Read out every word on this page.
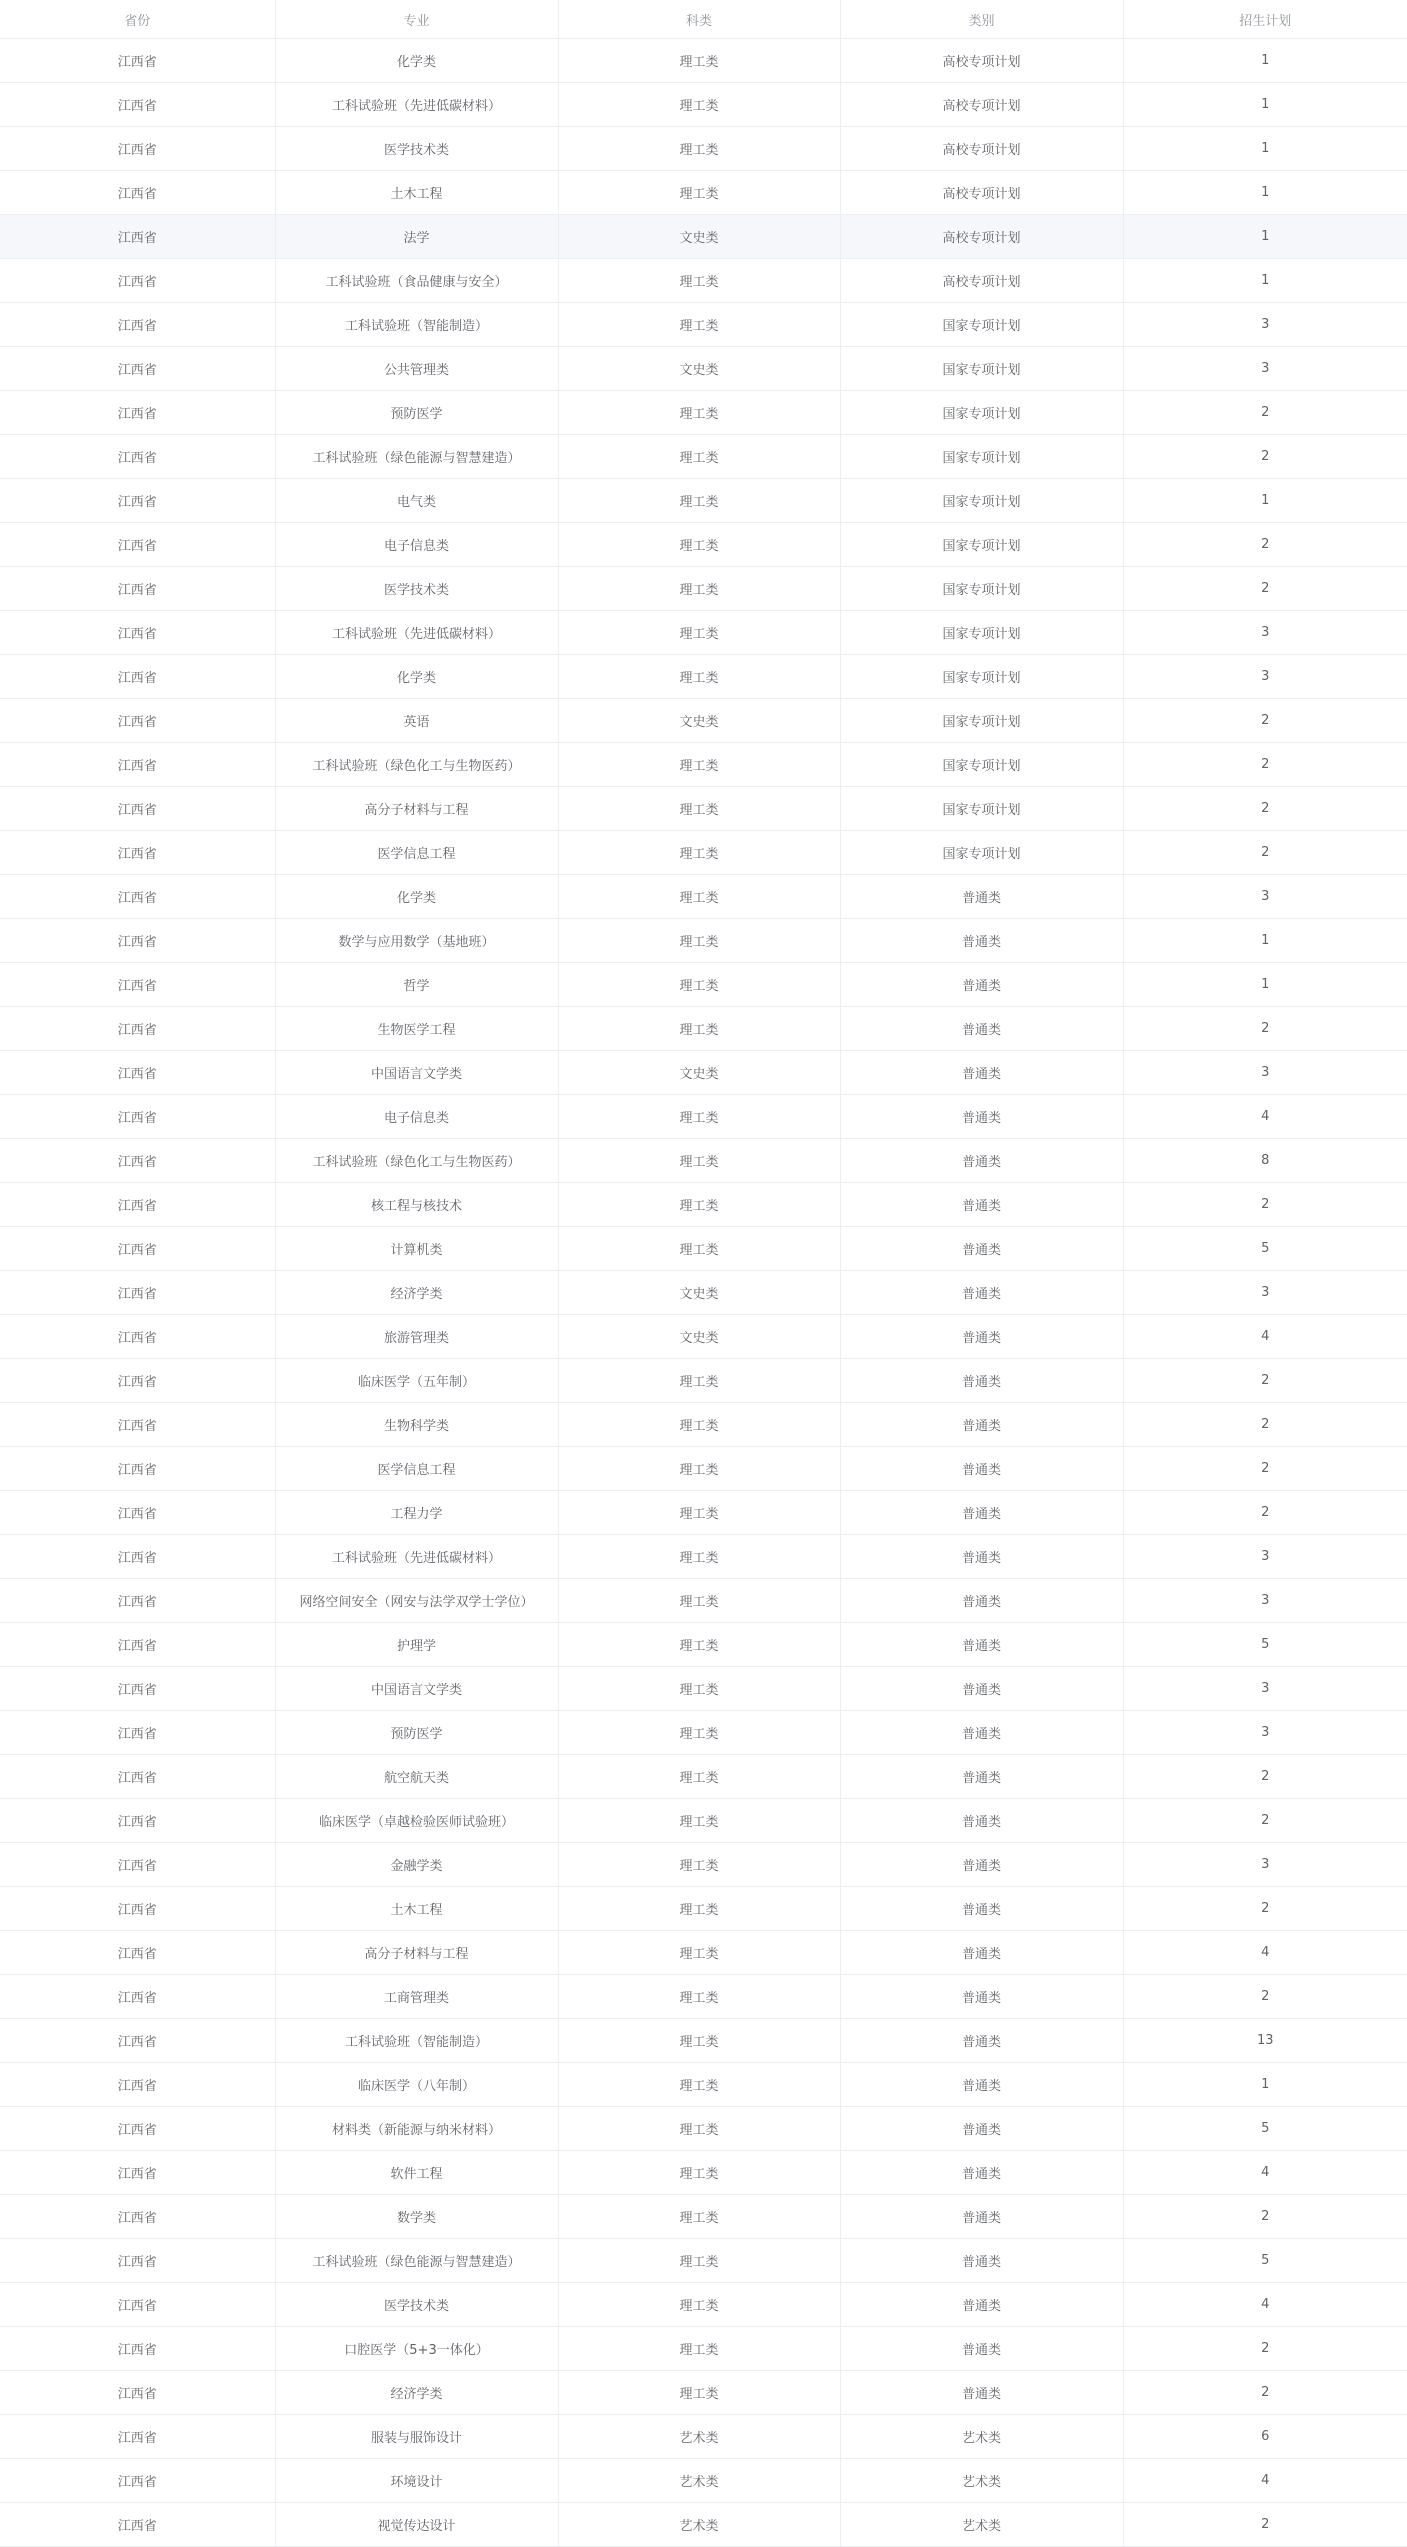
省份	专业	科类	类别	招生计划
江西省	化学类	理工类	高校专项计划	1
江西省	工科试验班（先进低碳材料）	理工类	高校专项计划	1
江西省	医学技术类	理工类	高校专项计划	1
江西省	土木工程	理工类	高校专项计划	1
江西省	法学	文史类	高校专项计划	1
江西省	工科试验班（食品健康与安全）	理工类	高校专项计划	1
江西省	工科试验班（智能制造）	理工类	国家专项计划	3
江西省	公共管理类	文史类	国家专项计划	3
江西省	预防医学	理工类	国家专项计划	2
江西省	工科试验班（绿色能源与智慧建造）	理工类	国家专项计划	2
江西省	电气类	理工类	国家专项计划	1
江西省	电子信息类	理工类	国家专项计划	2
江西省	医学技术类	理工类	国家专项计划	2
江西省	工科试验班（先进低碳材料）	理工类	国家专项计划	3
江西省	化学类	理工类	国家专项计划	3
江西省	英语	文史类	国家专项计划	2
江西省	工科试验班（绿色化工与生物医药）	理工类	国家专项计划	2
江西省	高分子材料与工程	理工类	国家专项计划	2
江西省	医学信息工程	理工类	国家专项计划	2
江西省	化学类	理工类	普通类	3
江西省	数学与应用数学（基地班）	理工类	普通类	1
江西省	哲学	理工类	普通类	1
江西省	生物医学工程	理工类	普通类	2
江西省	中国语言文学类	文史类	普通类	3
江西省	电子信息类	理工类	普通类	4
江西省	工科试验班（绿色化工与生物医药）	理工类	普通类	8
江西省	核工程与核技术	理工类	普通类	2
江西省	计算机类	理工类	普通类	5
江西省	经济学类	文史类	普通类	3
江西省	旅游管理类	文史类	普通类	4
江西省	临床医学（五年制）	理工类	普通类	2
江西省	生物科学类	理工类	普通类	2
江西省	医学信息工程	理工类	普通类	2
江西省	工程力学	理工类	普通类	2
江西省	工科试验班（先进低碳材料）	理工类	普通类	3
江西省	网络空间安全（网安与法学双学士学位）	理工类	普通类	3
江西省	护理学	理工类	普通类	5
江西省	中国语言文学类	理工类	普通类	3
江西省	预防医学	理工类	普通类	3
江西省	航空航天类	理工类	普通类	2
江西省	临床医学（卓越检验医师试验班）	理工类	普通类	2
江西省	金融学类	理工类	普通类	3
江西省	土木工程	理工类	普通类	2
江西省	高分子材料与工程	理工类	普通类	4
江西省	工商管理类	理工类	普通类	2
江西省	工科试验班（智能制造）	理工类	普通类	13
江西省	临床医学（八年制）	理工类	普通类	1
江西省	材料类（新能源与纳米材料）	理工类	普通类	5
江西省	软件工程	理工类	普通类	4
江西省	数学类	理工类	普通类	2
江西省	工科试验班（绿色能源与智慧建造）	理工类	普通类	5
江西省	医学技术类	理工类	普通类	4
江西省	口腔医学（5+3一体化）	理工类	普通类	2
江西省	经济学类	理工类	普通类	2
江西省	服装与服饰设计	艺术类	艺术类	6
江西省	环境设计	艺术类	艺术类	4
江西省	视觉传达设计	艺术类	艺术类	2
